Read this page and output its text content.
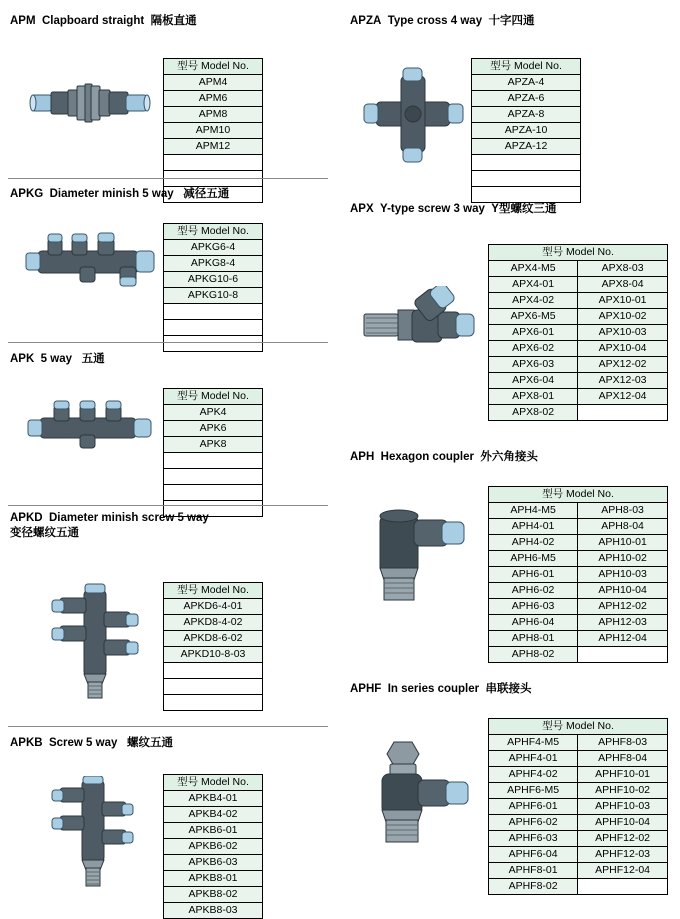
APM Clapboard straight 隔板直通
型号 Model No.
APM4
APM6
APM8
APM10
APM12

APKG Diameter minish 5 way 减径五通
型号 Model No.
APKG6-4
APKG8-4
APKG10-6
APKG10-8

APK 5 way 五通
型号 Model No.
APK4
APK6
APK8

APKD Diameter minish screw 5 way
变径螺纹五通
型号 Model No.
APKD6-4-01
APKD8-4-02
APKD8-6-02
APKD10-8-03

APKB Screw 5 way 螺纹五通
型号 Model No.
APKB4-01
APKB4-02
APKB6-01
APKB6-02
APKB6-03
APKB8-01
APKB8-02
APKB8-03
APZA Type cross 4 way 十字四通
型号 Model No.
APZA-4
APZA-6
APZA-8
APZA-10
APZA-12

APX Y-type screw 3 way Y型螺纹三通
型号 Model No.	
APX4-M5	APX8-03
APX4-01	APX8-04
APX4-02	APX10-01
APX6-M5	APX10-02
APX6-01	APX10-03
APX6-02	APX10-04
APX6-03	APX12-02
APX6-04	APX12-03
APX8-01	APX12-04
APX8-02	
APH Hexagon coupler 外六角接头
型号 Model No.	
APH4-M5	APH8-03
APH4-01	APH8-04
APH4-02	APH10-01
APH6-M5	APH10-02
APH6-01	APH10-03
APH6-02	APH10-04
APH6-03	APH12-02
APH6-04	APH12-03
APH8-01	APH12-04
APH8-02	
APHF In series coupler 串联接头
型号 Model No.	
APHF4-M5	APHF8-03
APHF4-01	APHF8-04
APHF4-02	APHF10-01
APHF6-M5	APHF10-02
APHF6-01	APHF10-03
APHF6-02	APHF10-04
APHF6-03	APHF12-02
APHF6-04	APHF12-03
APHF8-01	APHF12-04
APHF8-02	
